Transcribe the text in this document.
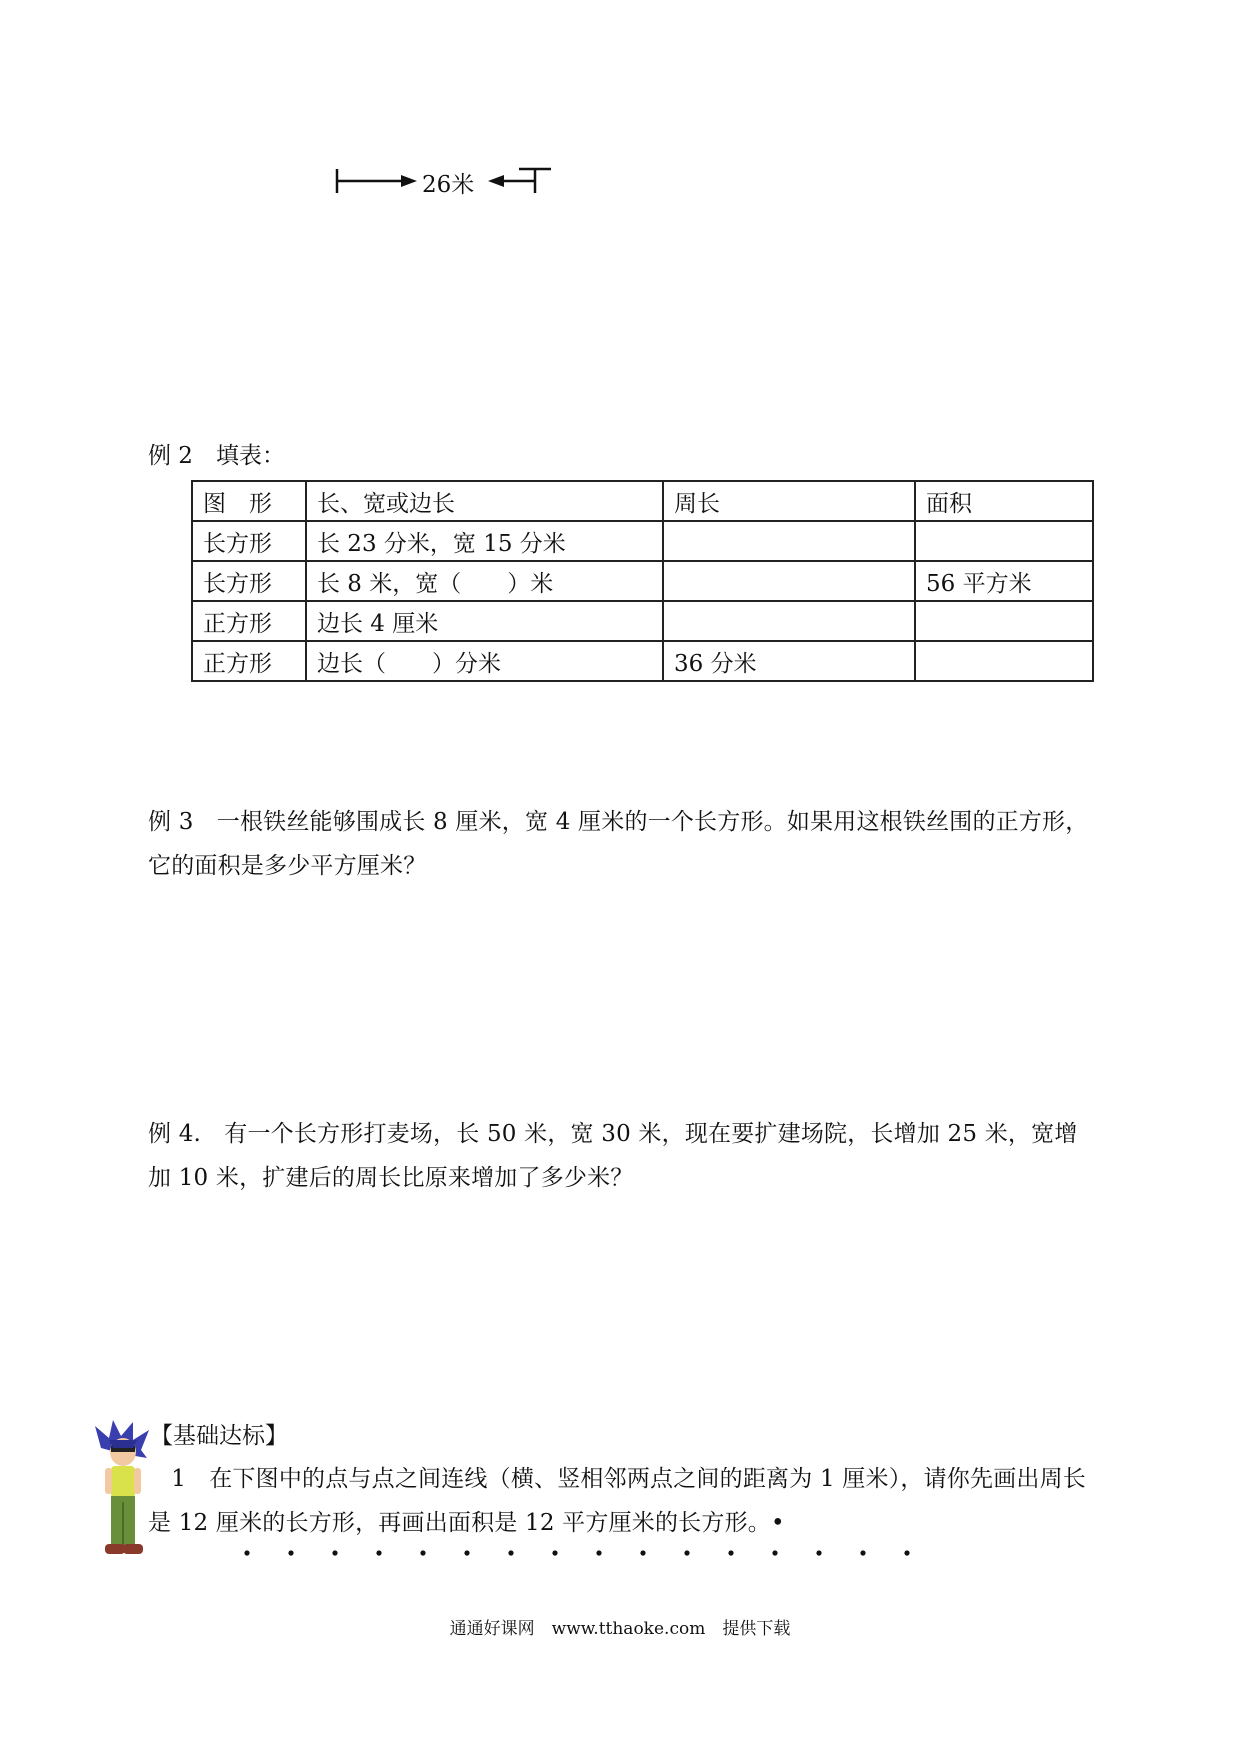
26米
例 2　填表：
图　形	长、宽或边长	周长	面积
长方形	长 23 分米，宽 15 分米		
长方形	长 8 米，宽（　　）米		56 平方米
正方形	边长 4 厘米		
正方形	边长（　　）分米	36 分米	
例 3　一根铁丝能够围成长 8 厘米，宽 4 厘米的一个长方形。如果用这根铁丝围的正方形，它的面积是多少平方厘米？
例 4.　有一个长方形打麦场，长 50 米，宽 30 米，现在要扩建场院，长增加 25 米，宽增加 10 米，扩建后的周长比原来增加了多少米？
【基础达标】
　1　在下图中的点与点之间连线（横、竖相邻两点之间的距离为 1 厘米），请你先画出周长是 12 厘米的长方形，再画出面积是 12 平方厘米的长方形。•
通通好课网　www.tthaoke.com　提供下载
